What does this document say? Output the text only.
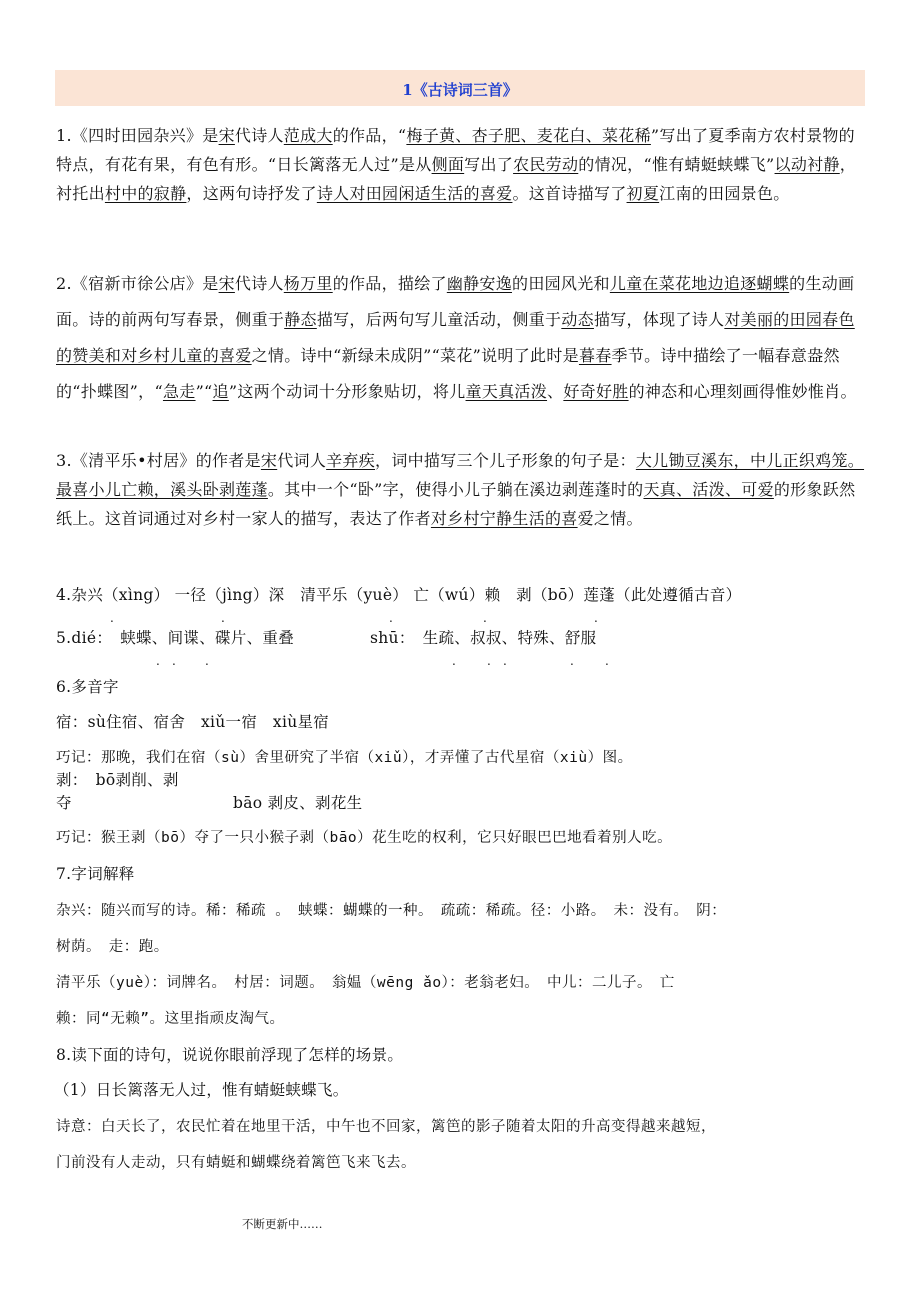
1《古诗词三首》
1.《四时田园杂兴》是宋代诗人范成大的作品，“梅子黄、杏子肥、麦花白、菜花稀”写出了夏季南方农村景物的特点，有花有果，有色有形。“日长篱落无人过”是从侧面写出了农民劳动的情况，“惟有蜻蜓蛱蝶飞”以动衬静，衬托出村中的寂静，这两句诗抒发了诗人对田园闲适生活的喜爱。这首诗描写了初夏江南的田园景色。
2.《宿新市徐公店》是宋代诗人杨万里的作品，描绘了幽静安逸的田园风光和儿童在菜花地边追逐蝴蝶的生动画面。诗的前两句写春景，侧重于静态描写，后两句写儿童活动，侧重于动态描写，体现了诗人对美丽的田园春色的赞美和对乡村儿童的喜爱之情。诗中“新绿未成阴”“菜花”说明了此时是暮春季节。诗中描绘了一幅春意盎然的“扑蝶图”，“急走”“追”这两个动词十分形象贴切，将儿童天真活泼、好奇好胜的神态和心理刻画得惟妙惟肖。
3.《清平乐•村居》的作者是宋代词人辛弃疾，词中描写三个儿子形象的句子是：大儿锄豆溪东，中儿正织鸡笼。最喜小儿亡赖，溪头卧剥莲蓬。其中一个“卧”字，使得小儿子躺在溪边剥莲蓬时的天真、活泼、可爱的形象跃然纸上。这首词通过对乡村一家人的描写，表达了作者对乡村宁静生活的喜爱之情。
4.杂兴（xìng） 一径（jìng）深　清平乐（yuè） 亡（wú）赖　剥（bō）莲蓬（此处遵循古音）
.	.	.	.	.
5.dié：　蛱蝶、间谍、碟片、重叠	shū：　生疏、叔叔、特殊、舒服
. . .	.	. .	.	.
6.多音字
宿：sù住宿、宿舍　xiǔ一宿　xiù星宿
巧记：那晚，我们在宿（sù）舍里研究了半宿（xiǔ），才弄懂了古代星宿（xiù）图。
剥：　bō剥削、剥
夺	bāo 剥皮、剥花生
巧记：猴王剥（bō）夺了一只小猴子剥（bāo）花生吃的权利，它只好眼巴巴地看着别人吃。
7.字词解释
杂兴：随兴而写的诗。稀：稀疏 。　蛱蝶：蝴蝶的一种。　疏疏：稀疏。径：小路。　未：没有。　阴：
树荫。　走：跑。
清平乐（yuè）：词牌名。　村居：词题。　翁媪（wēng ǎo）：老翁老妇。　中儿：二儿子。　亡
赖：同“无赖”。这里指顽皮淘气。
8.读下面的诗句，说说你眼前浮现了怎样的场景。
（1）日长篱落无人过，惟有蜻蜓蛱蝶飞。
诗意：白天长了，农民忙着在地里干活，中午也不回家，篱笆的影子随着太阳的升高变得越来越短，
门前没有人走动，只有蜻蜓和蝴蝶绕着篱笆飞来飞去。
不断更新中……
